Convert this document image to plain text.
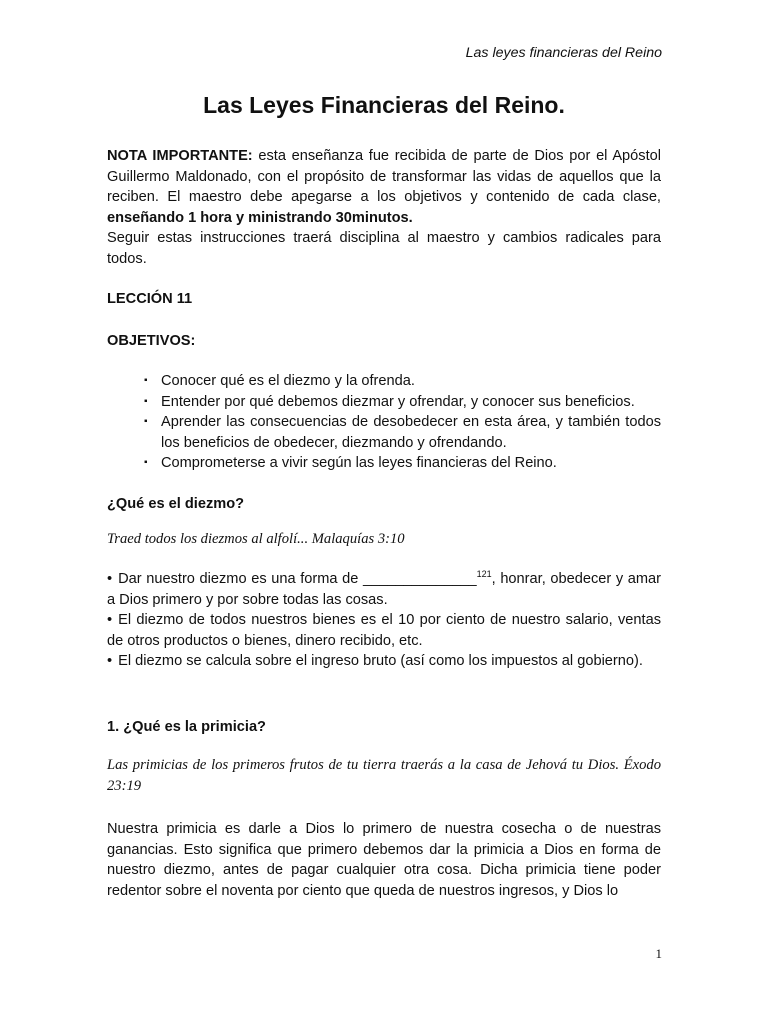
Las leyes financieras del Reino
Las Leyes Financieras del Reino.

NOTA IMPORTANTE: esta enseñanza fue recibida de parte de Dios por el Apóstol Guillermo Maldonado, con el propósito de transformar las vidas de aquellos que la reciben. El maestro debe apegarse a los objetivos y contenido de cada clase, enseñando 1 hora y ministrando 30minutos.

Seguir estas instrucciones traerá disciplina al maestro y cambios radicales para todos.

LECCIÓN 11

OBJETIVOS:

▪ Conocer qué es el diezmo y la ofrenda.
▪ Entender por qué debemos diezmar y ofrendar, y conocer sus beneficios.
▪ Aprender las consecuencias de desobedecer en esta área, y también todos los beneficios de obedecer, diezmando y ofrendando.
▪ Comprometerse a vivir según las leyes financieras del Reino.

¿Qué es el diezmo?

Traed todos los diezmos al alfolí... Malaquías 3:10

• Dar nuestro diezmo es una forma de ______________$^{121}$, honrar, obedecer y amar a Dios primero y por sobre todas las cosas.

• El diezmo de todos nuestros bienes es el 10 por ciento de nuestro salario, ventas de otros productos o bienes, dinero recibido, etc.

• El diezmo se calcula sobre el ingreso bruto (así como los impuestos al gobierno).

1. ¿Qué es la primicia?

Las primicias de los primeros frutos de tu tierra traerás a la casa de Jehová tu Dios. Éxodo 23:19

Nuestra primicia es darle a Dios lo primero de nuestra cosecha o de nuestras ganancias. Esto significa que primero debemos dar la primicia a Dios en forma de nuestro diezmo, antes de pagar cualquier otra cosa. Dicha primicia tiene poder redentor sobre el noventa por ciento que queda de nuestros ingresos, y Dios lo

1
